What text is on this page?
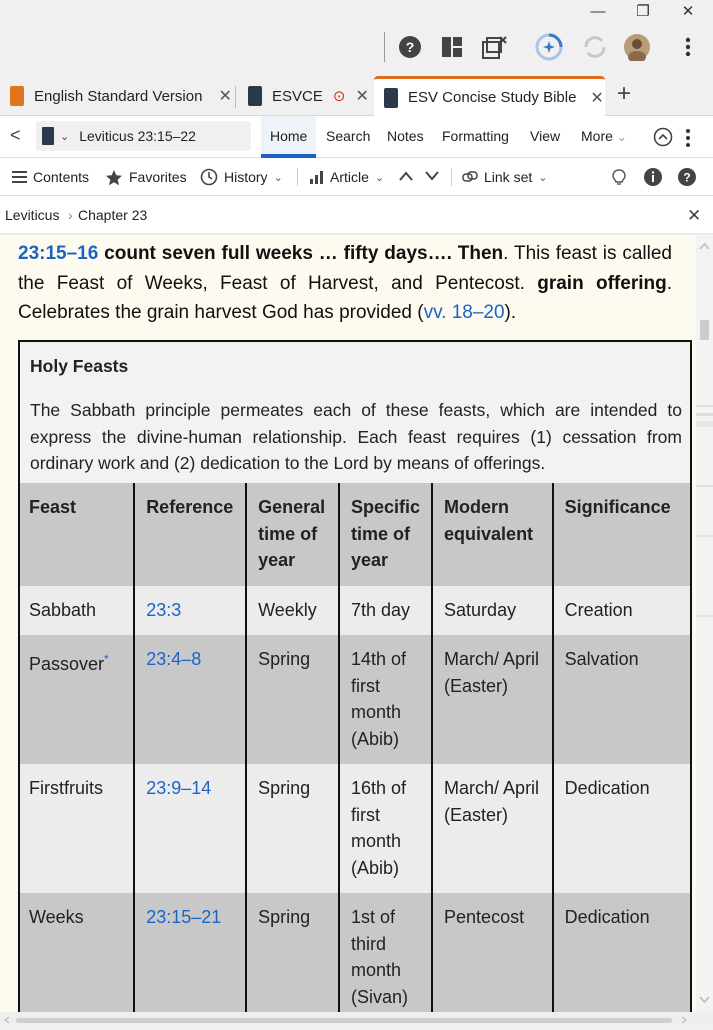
—	❐	✕
?
English Standard Version ✕	ESVCE ⊙ ✕	ESV Concise Study Bible ✕ +
<	⌄ Leviticus 23:15–22	Home	Search Notes Formatting View More ⌄
Contents	Favorites	History ⌄	Article ⌄	Link set ⌄	?
Leviticus › Chapter 23	✕
23:15–16 count seven full weeks … fifty days…. Then. This feast is called the Feast of Weeks, Feast of Harvest, and Pentecost. grain offering. Celebrates the grain harvest God has provided (vv. 18–20).
Holy Feasts
The Sabbath principle permeates each of these feasts, which are intended to express the divine-human relationship. Each feast requires (1) cessation from ordinary work and (2) dedication to the Lord by means of offerings.
Feast	Reference	General time of year	Specific time of year	Modern equivalent	Significance
Sabbath	23:3	Weekly	7th day	Saturday	Creation
Passover*	23:4–8	Spring	14th of first month (Abib)	March/ April (Easter)	Salvation
Firstfruits	23:9–14	Spring	16th of first month (Abib)	March/ April (Easter)	Dedication
Weeks	23:15–21	Spring	1st of third month (Sivan)	Pentecost	Dedication
